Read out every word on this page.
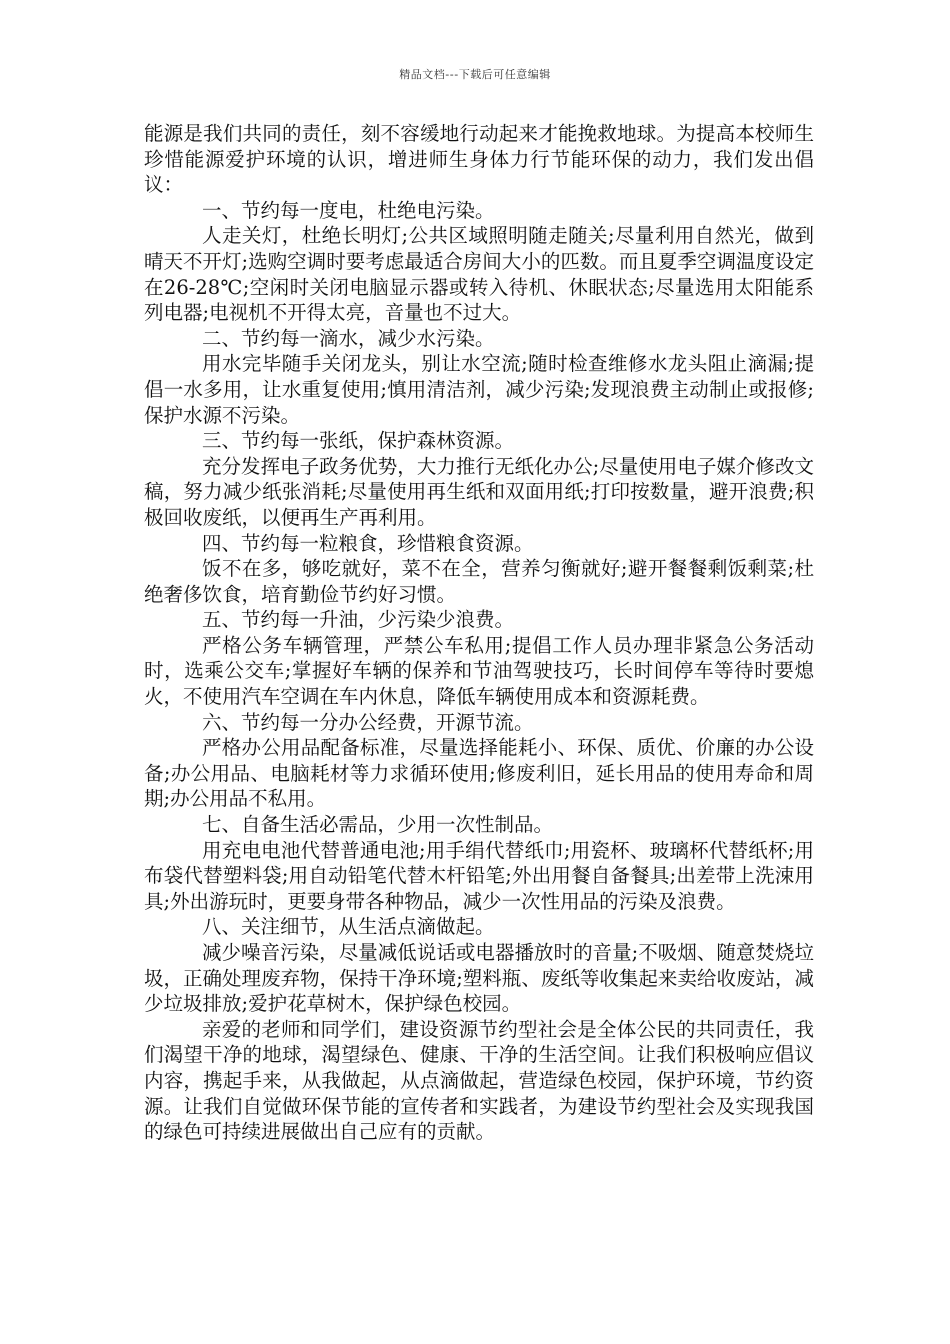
精品文档---下载后可任意编辑

能源是我们共同的责任，刻不容缓地行动起来才能挽救地球。为提高本校师生珍惜能源爱护环境的认识，增进师生身体力行节能环保的动力，我们发出倡议：

一、节约每一度电，杜绝电污染。

人走关灯，杜绝长明灯;公共区域照明随走随关;尽量利用自然光，做到晴天不开灯;选购空调时要考虑最适合房间大小的匹数。而且夏季空调温度设定在26-28℃;空闲时关闭电脑显示器或转入待机、休眠状态;尽量选用太阳能系列电器;电视机不开得太亮，音量也不过大。

二、节约每一滴水，减少水污染。

用水完毕随手关闭龙头，别让水空流;随时检查维修水龙头阻止滴漏;提倡一水多用，让水重复使用;慎用清洁剂，减少污染;发现浪费主动制止或报修;保护水源不污染。

三、节约每一张纸，保护森林资源。

充分发挥电子政务优势，大力推行无纸化办公;尽量使用电子媒介修改文稿，努力减少纸张消耗;尽量使用再生纸和双面用纸;打印按数量，避开浪费;积极回收废纸，以便再生产再利用。

四、节约每一粒粮食，珍惜粮食资源。

饭不在多，够吃就好，菜不在全，营养匀衡就好;避开餐餐剩饭剩菜;杜绝奢侈饮食，培育勤俭节约好习惯。

五、节约每一升油，少污染少浪费。

严格公务车辆管理，严禁公车私用;提倡工作人员办理非紧急公务活动时，选乘公交车;掌握好车辆的保养和节油驾驶技巧，长时间停车等待时要熄火，不使用汽车空调在车内休息，降低车辆使用成本和资源耗费。

六、节约每一分办公经费，开源节流。

严格办公用品配备标准，尽量选择能耗小、环保、质优、价廉的办公设备;办公用品、电脑耗材等力求循环使用;修废利旧，延长用品的使用寿命和周期;办公用品不私用。

七、自备生活必需品，少用一次性制品。

用充电电池代替普通电池;用手绢代替纸巾;用瓷杯、玻璃杯代替纸杯;用布袋代替塑料袋;用自动铅笔代替木杆铅笔;外出用餐自备餐具;出差带上洗涑用具;外出游玩时，更要身带各种物品，减少一次性用品的污染及浪费。

八、关注细节，从生活点滴做起。

减少噪音污染，尽量减低说话或电器播放时的音量;不吸烟、随意焚烧垃圾，正确处理废弃物，保持干净环境;塑料瓶、废纸等收集起来卖给收废站，减少垃圾排放;爱护花草树木，保护绿色校园。

亲爱的老师和同学们，建设资源节约型社会是全体公民的共同责任，我们渴望干净的地球，渴望绿色、健康、干净的生活空间。让我们积极响应倡议内容，携起手来，从我做起，从点滴做起，营造绿色校园，保护环境，节约资源。让我们自觉做环保节能的宣传者和实践者，为建设节约型社会及实现我国的绿色可持续进展做出自己应有的贡献。
